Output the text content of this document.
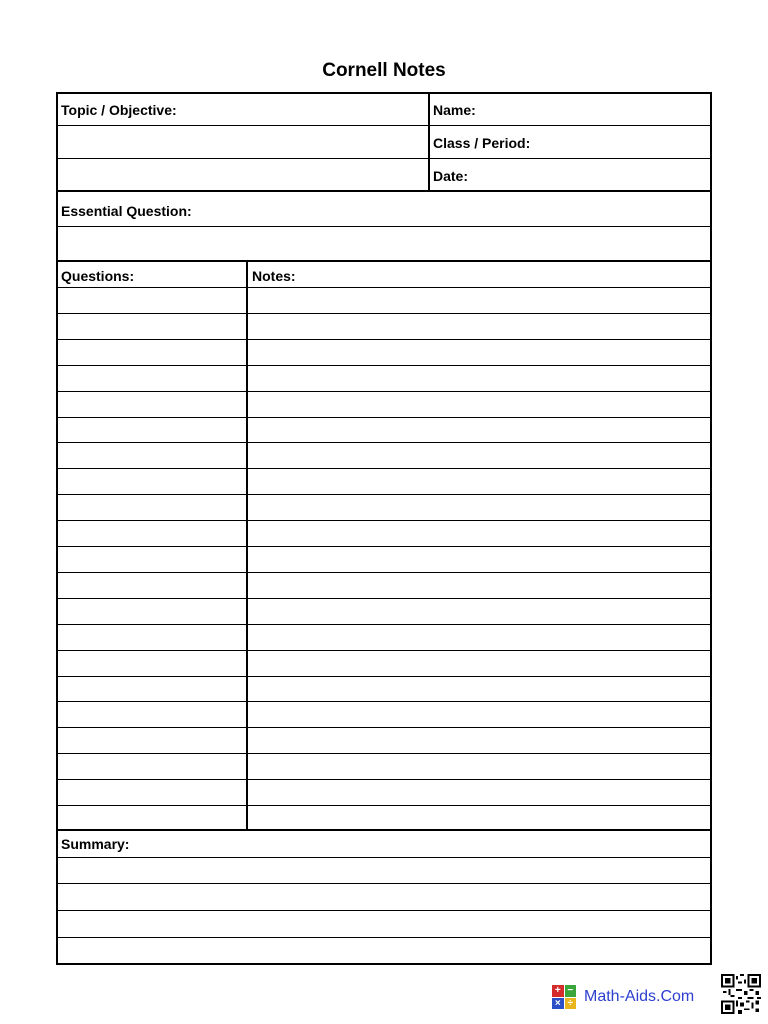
Cornell Notes
Topic / Objective:	Name:
Class / Period:
Date:
Essential Question:
Questions:	Notes:
Summary:
+ −
× ÷ Math-Aids.Com
